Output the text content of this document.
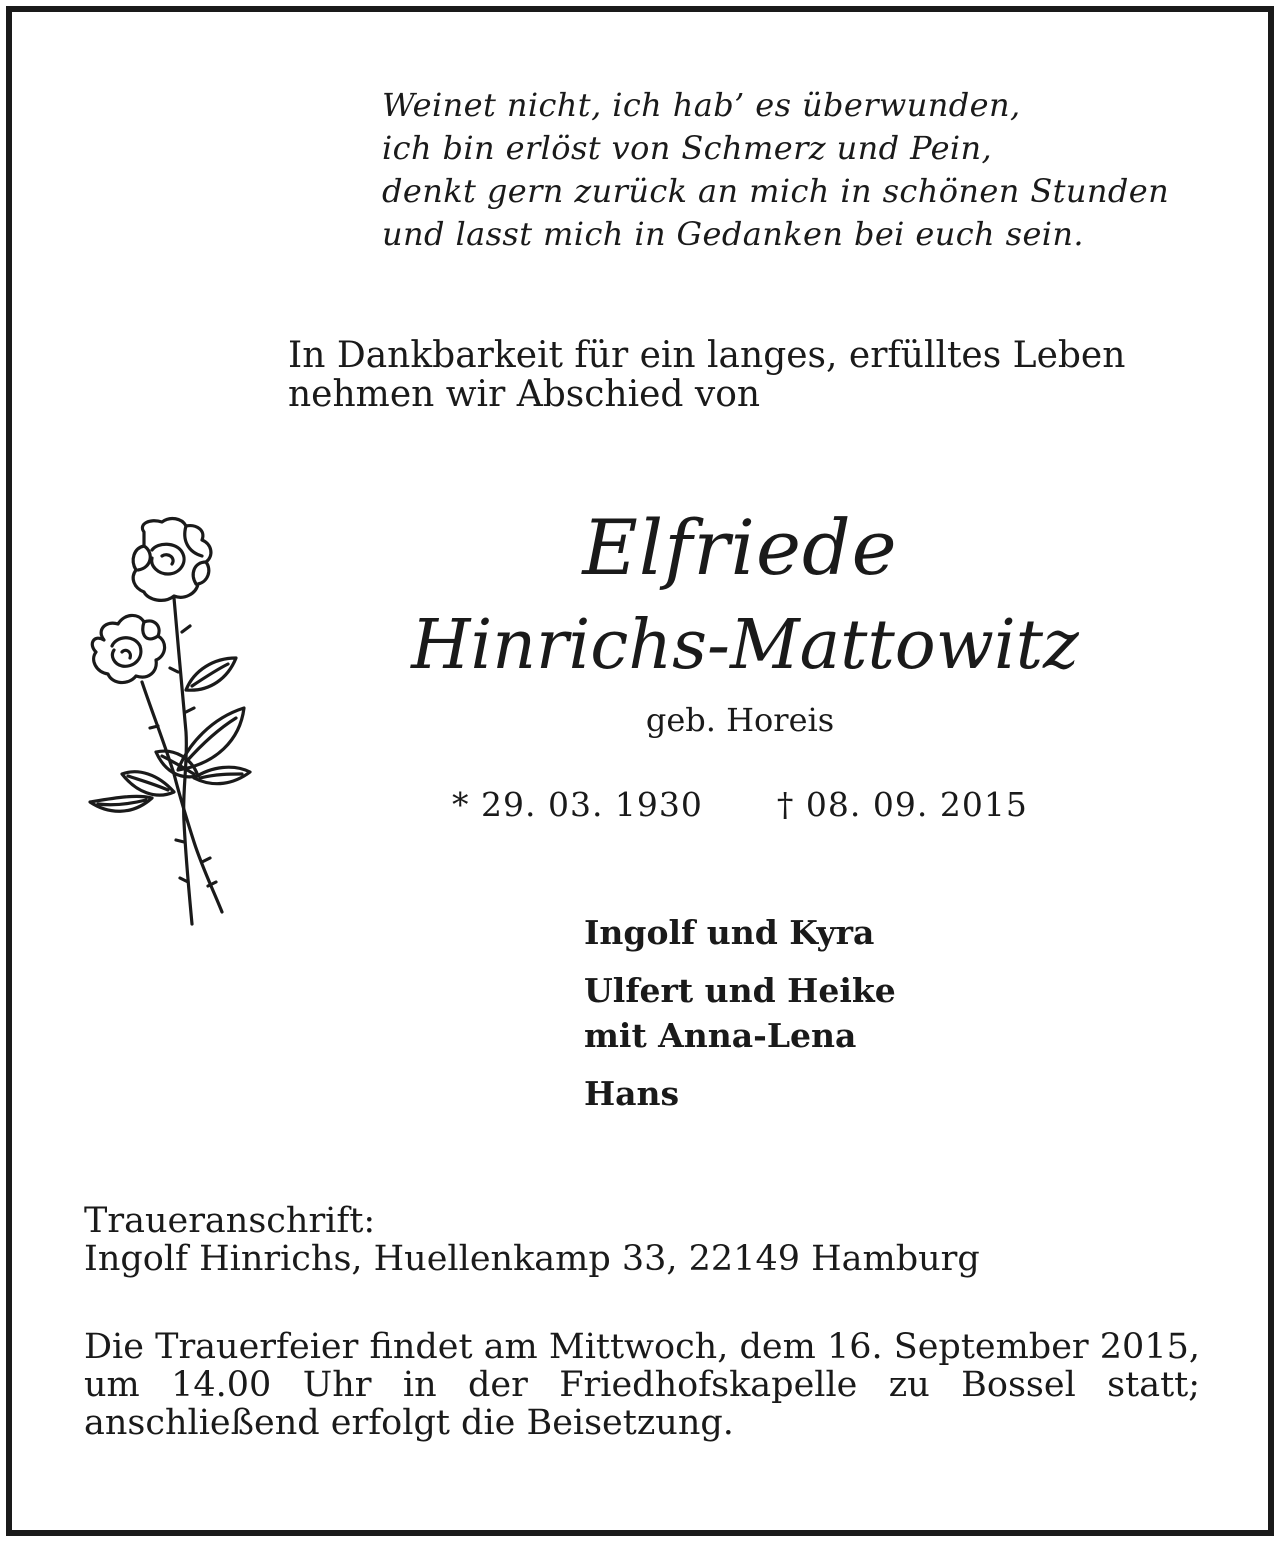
Weinet nicht, ich hab’ es überwunden,
ich bin erlöst von Schmerz und Pein,
denkt gern zurück an mich in schönen Stunden
und lasst mich in Gedanken bei euch sein.
In Dankbarkeit für ein langes, erfülltes Leben
nehmen wir Abschied von
Elfriede
Hinrichs-Mattowitz
geb. Horeis
* 29. 03. 1930 † 08. 09. 2015
Ingolf und Kyra
Ulfert und Heike
mit Anna-Lena
Hans
Traueranschrift:
Ingolf Hinrichs, Huellenkamp 33, 22149 Hamburg
Die Trauerfeier findet am Mittwoch, dem 16. September 2015, um 14.00 Uhr in der Friedhofskapelle zu Bossel statt; anschließend erfolgt die Beisetzung.
